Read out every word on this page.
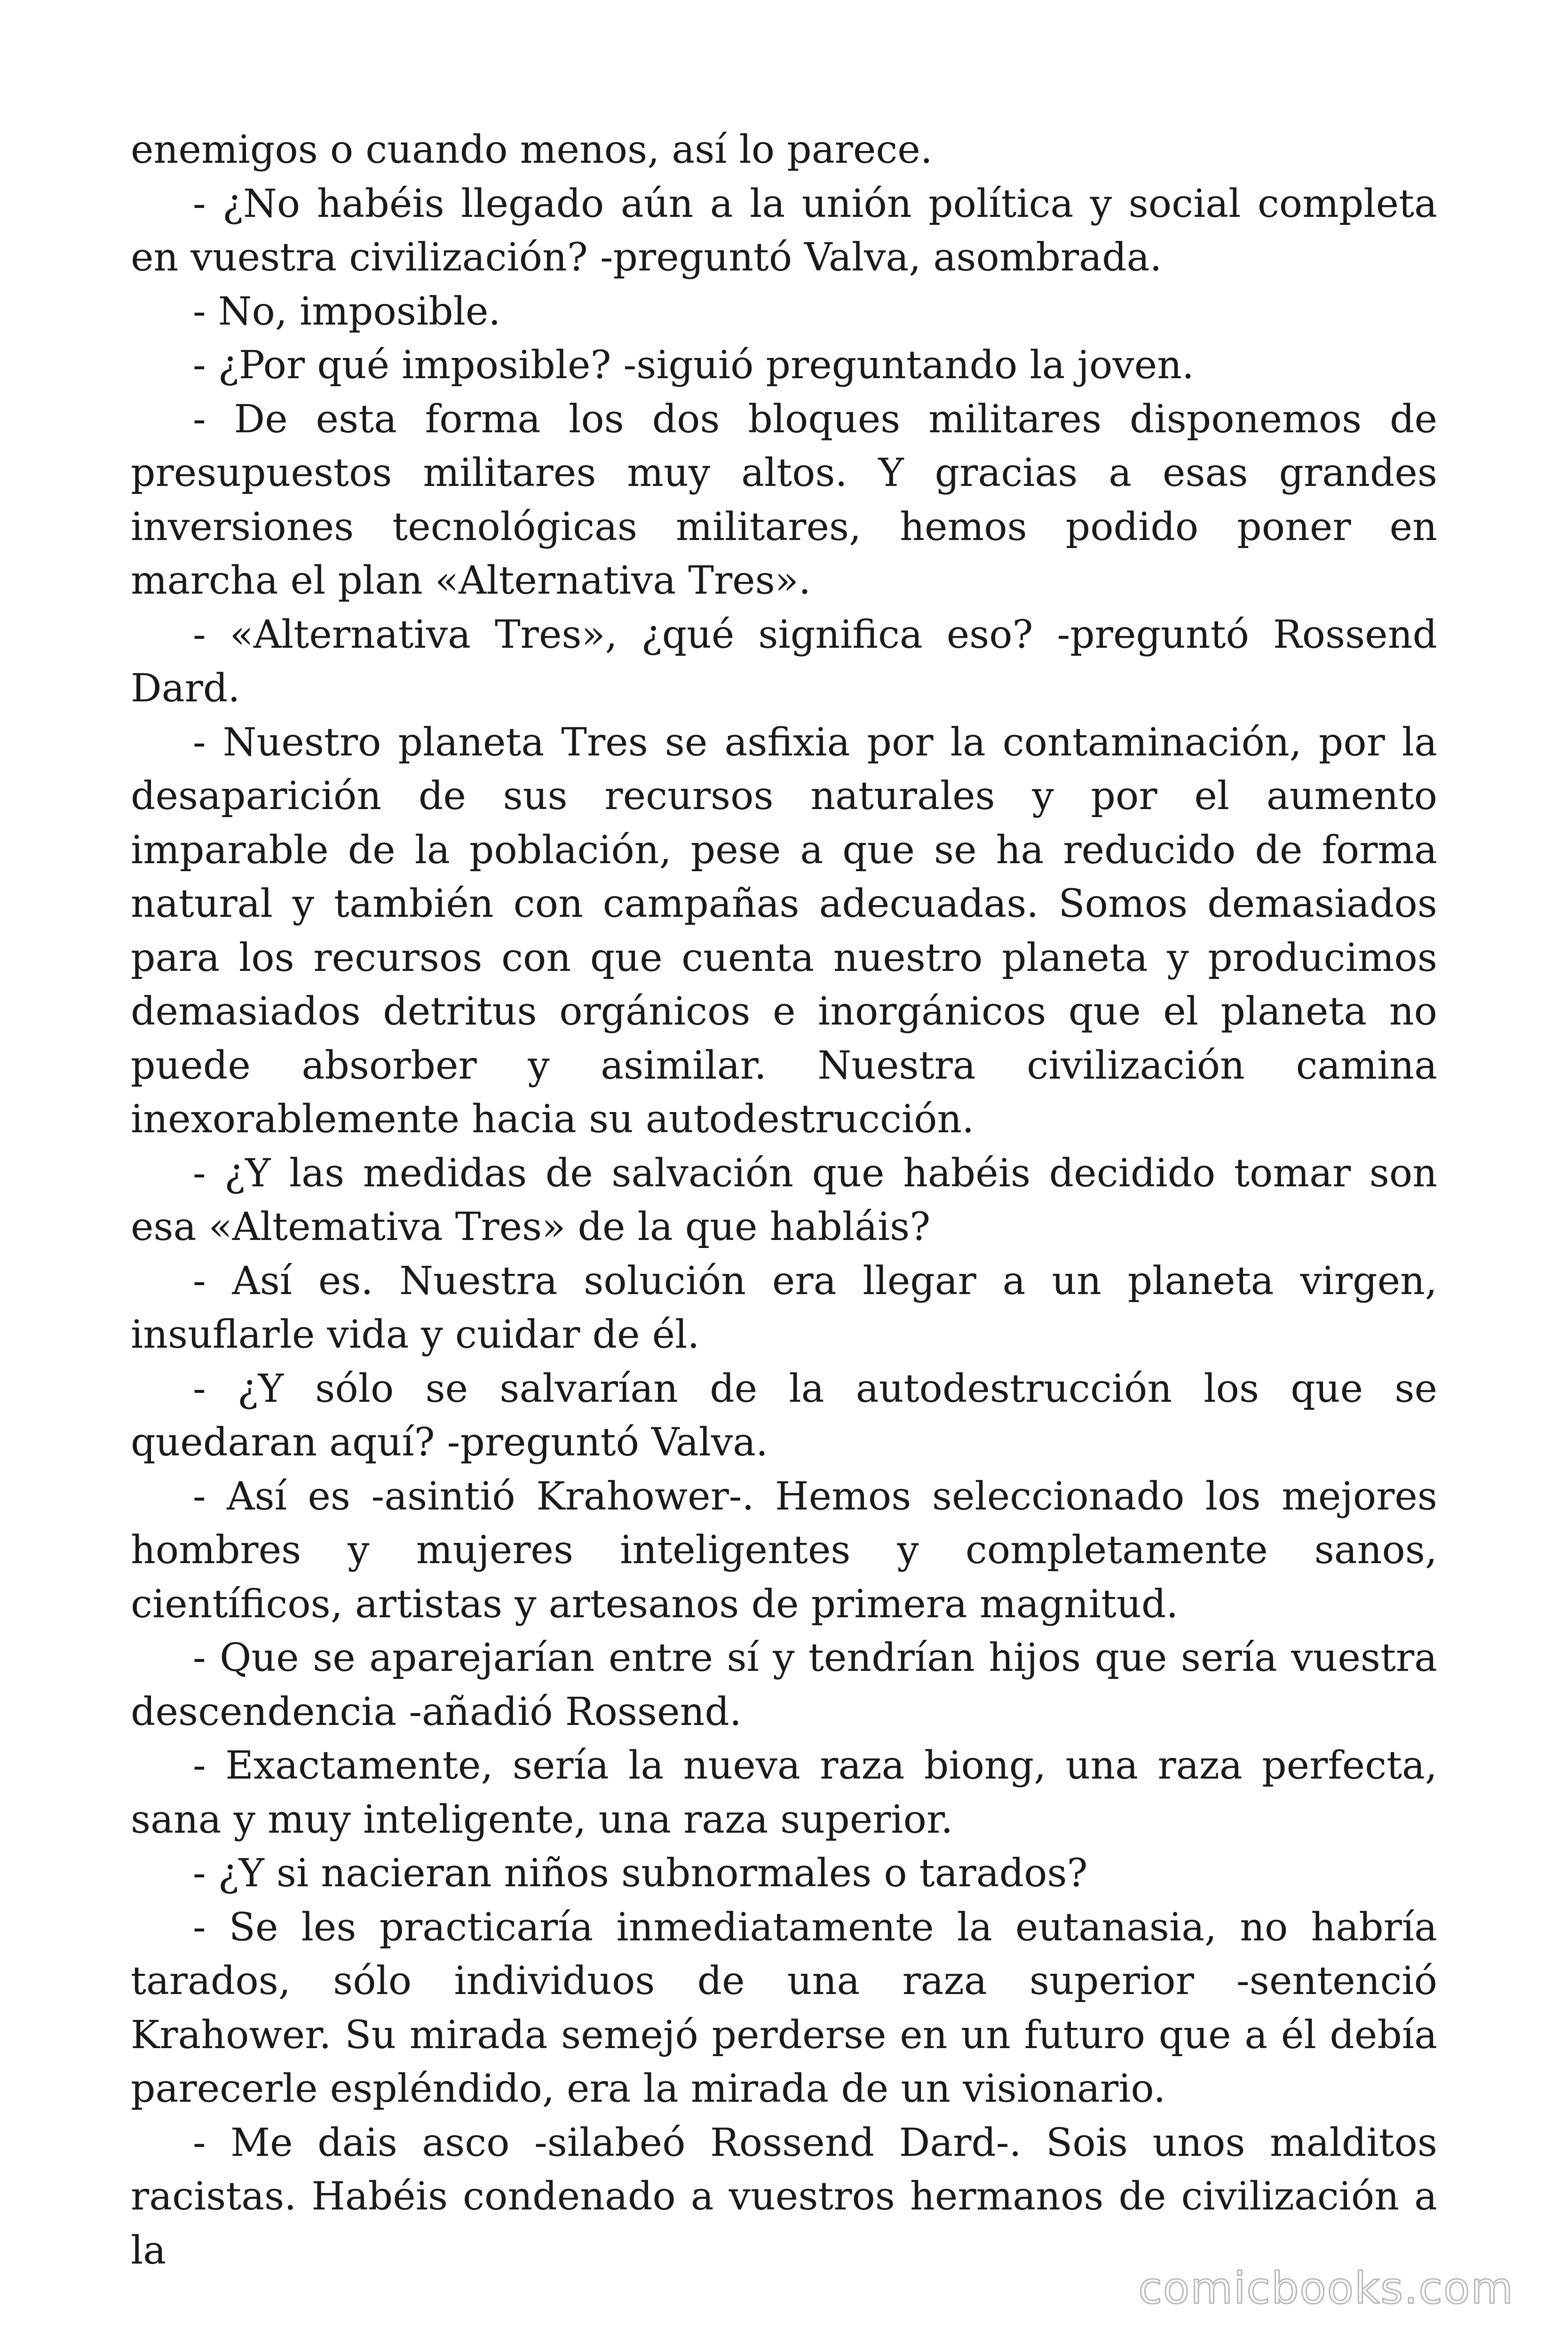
enemigos o cuando menos, así lo parece.

- ¿No habéis llegado aún a la unión política y social completa en vuestra civilización? -preguntó Valva, asombrada.

- No, imposible.

- ¿Por qué imposible? -siguió preguntando la joven.

- De esta forma los dos bloques militares disponemos de presupuestos militares muy altos. Y gracias a esas grandes inversiones tecnológicas militares, hemos podido poner en marcha el plan «Alternativa Tres».

- «Alternativa Tres», ¿qué significa eso? -preguntó Rossend Dard.

- Nuestro planeta Tres se asfixia por la contaminación, por la desaparición de sus recursos naturales y por el aumento imparable de la población, pese a que se ha reducido de forma natural y también con campañas adecuadas. Somos demasiados para los recursos con que cuenta nuestro planeta y producimos demasiados detritus orgánicos e inorgánicos que el planeta no puede absorber y asimilar. Nuestra civilización camina inexorablemente hacia su autodestrucción.

- ¿Y las medidas de salvación que habéis decidido tomar son esa «Altemativa Tres» de la que habláis?

- Así es. Nuestra solución era llegar a un planeta virgen, insuflarle vida y cuidar de él.

- ¿Y sólo se salvarían de la autodestrucción los que se quedaran aquí? -preguntó Valva.

- Así es -asintió Krahower-. Hemos seleccionado los mejores hombres y mujeres inteligentes y completamente sanos, científicos, artistas y artesanos de primera magnitud.

- Que se aparejarían entre sí y tendrían hijos que sería vuestra descendencia -añadió Rossend.

- Exactamente, sería la nueva raza biong, una raza perfecta, sana y muy inteligente, una raza superior.

- ¿Y si nacieran niños subnormales o tarados?

- Se les practicaría inmediatamente la eutanasia, no habría tarados, sólo individuos de una raza superior -sentenció Krahower. Su mirada semejó perderse en un futuro que a él debía parecerle espléndido, era la mirada de un visionario.

- Me dais asco -silabeó Rossend Dard-. Sois unos malditos racistas. Habéis condenado a vuestros hermanos de civilización a la

comicbooks.com
